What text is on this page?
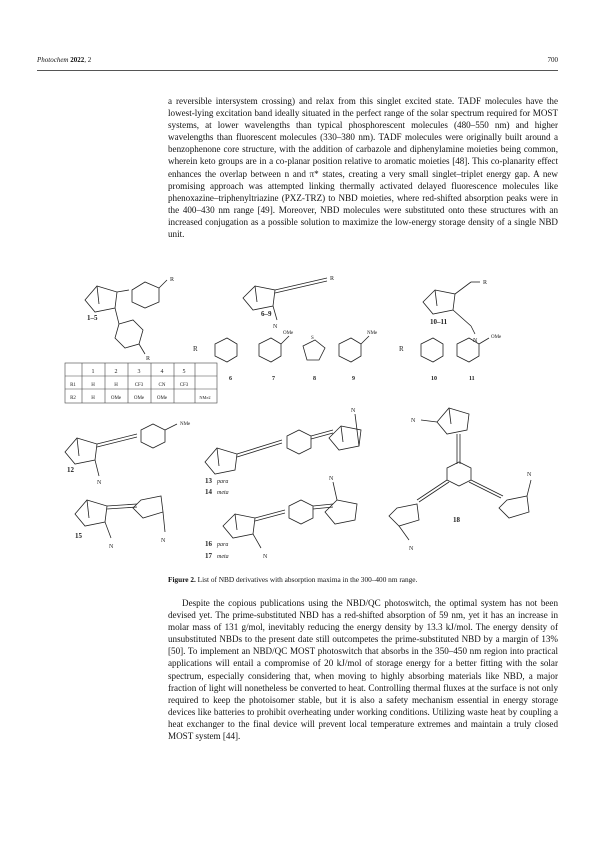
Photochem 2022, 2	700

a reversible intersystem crossing) and relax from this singlet excited state. TADF molecules have the lowest-lying excitation band ideally situated in the perfect range of the solar spectrum required for MOST systems, at lower wavelengths than typical phosphorescent molecules (480–550 nm) and higher wavelengths than fluorescent molecules (330–380 nm). TADF molecules were originally built around a benzophenone core structure, with the addition of carbazole and diphenylamine moieties being common, wherein keto groups are in a co-planar position relative to aromatic moieties [48]. This co-planarity effect enhances the overlap between n and π* states, creating a very small singlet–triplet energy gap. A new promising approach was attempted linking thermally activated delayed fluorescence molecules like phenoxazine–triphenyltriazine (PXZ-TRZ) to NBD moieties, where red-shifted absorption peaks were in the 400–430 nm range [49]. Moreover, NBD molecules were substituted onto these structures with an increased conjugation as a possible solution to maximize the low-energy storage density of a single NBD unit.

R
R
1–5
1	2	3	4	5
R1	H	H	CF3	CN	CF3
R2	H	OMe	OMe	OMe	NMe2
R
N
6–9
R
OMe
S
NMe
6	7	8	9
R
N
10–11
R
OMe
10	11
NMe
N
12
N
13 para
14 meta
N
N
N
18
N
N
15
N
N
16 para
17 meta

Figure 2. List of NBD derivatives with absorption maxima in the 300–400 nm range.

Despite the copious publications using the NBD/QC photoswitch, the optimal system has not been devised yet. The prime-substituted NBD has a red-shifted absorption of 59 nm, yet it has an increase in molar mass of 131 g/mol, inevitably reducing the energy density by 13.3 kJ/mol. The energy density of unsubstituted NBDs to the present date still outcompetes the prime-substituted NBD by a margin of 13% [50]. To implement an NBD/QC MOST photoswitch that absorbs in the 350–450 nm region into practical applications will entail a compromise of 20 kJ/mol of storage energy for a better fitting with the solar spectrum, especially considering that, when moving to highly absorbing materials like NBD, a major fraction of light will nonetheless be converted to heat. Controlling thermal fluxes at the surface is not only required to keep the photoisomer stable, but it is also a safety mechanism essential in energy storage devices like batteries to prohibit overheating under working conditions. Utilizing waste heat by coupling a heat exchanger to the final device will prevent local temperature extremes and maintain a truly closed MOST system [44].
